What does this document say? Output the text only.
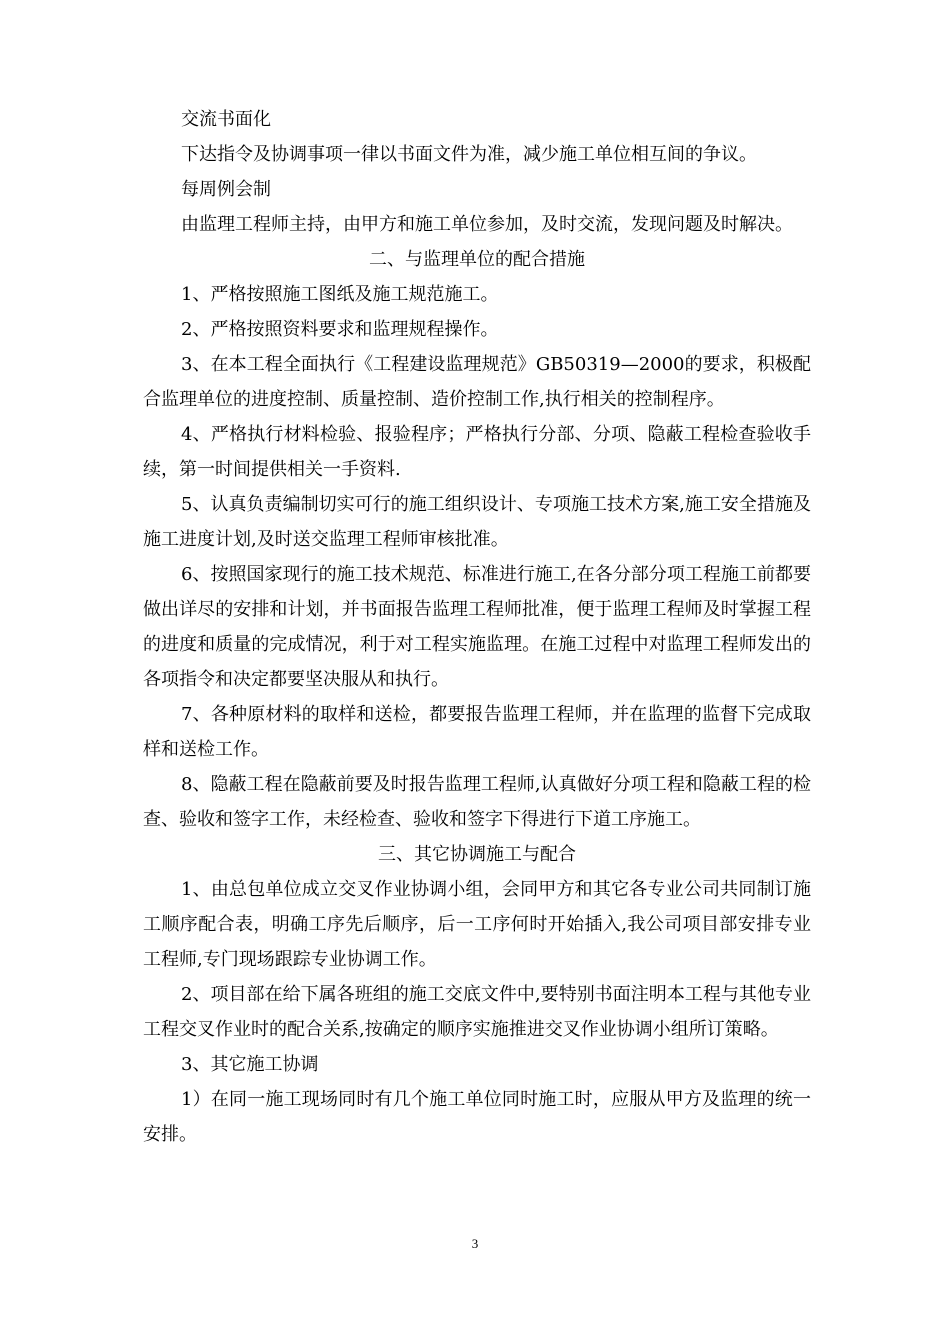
交流书面化

下达指令及协调事项一律以书面文件为准，减少施工单位相互间的争议。

每周例会制

由监理工程师主持，由甲方和施工单位参加，及时交流，发现问题及时解决。

二、与监理单位的配合措施

1、严格按照施工图纸及施工规范施工。

2、严格按照资料要求和监理规程操作。

3、在本工程全面执行《工程建设监理规范》GB50319—2000的要求，积极配合监理单位的进度控制、质量控制、造价控制工作,执行相关的控制程序。

4、严格执行材料检验、报验程序；严格执行分部、分项、隐蔽工程检查验收手续，第一时间提供相关一手资料.

5、认真负责编制切实可行的施工组织设计、专项施工技术方案,施工安全措施及施工进度计划,及时送交监理工程师审核批准。

6、按照国家现行的施工技术规范、标准进行施工,在各分部分项工程施工前都要做出详尽的安排和计划，并书面报告监理工程师批准，便于监理工程师及时掌握工程的进度和质量的完成情况，利于对工程实施监理。在施工过程中对监理工程师发出的各项指令和决定都要坚决服从和执行。

7、各种原材料的取样和送检，都要报告监理工程师，并在监理的监督下完成取样和送检工作。

8、隐蔽工程在隐蔽前要及时报告监理工程师,认真做好分项工程和隐蔽工程的检查、验收和签字工作，未经检查、验收和签字下得进行下道工序施工。

三、其它协调施工与配合

1、由总包单位成立交叉作业协调小组，会同甲方和其它各专业公司共同制订施工顺序配合表，明确工序先后顺序，后一工序何时开始插入,我公司项目部安排专业工程师,专门现场跟踪专业协调工作。

2、项目部在给下属各班组的施工交底文件中,要特别书面注明本工程与其他专业工程交叉作业时的配合关系,按确定的顺序实施推进交叉作业协调小组所订策略。

3、其它施工协调

1）在同一施工现场同时有几个施工单位同时施工时，应服从甲方及监理的统一安排。

3
